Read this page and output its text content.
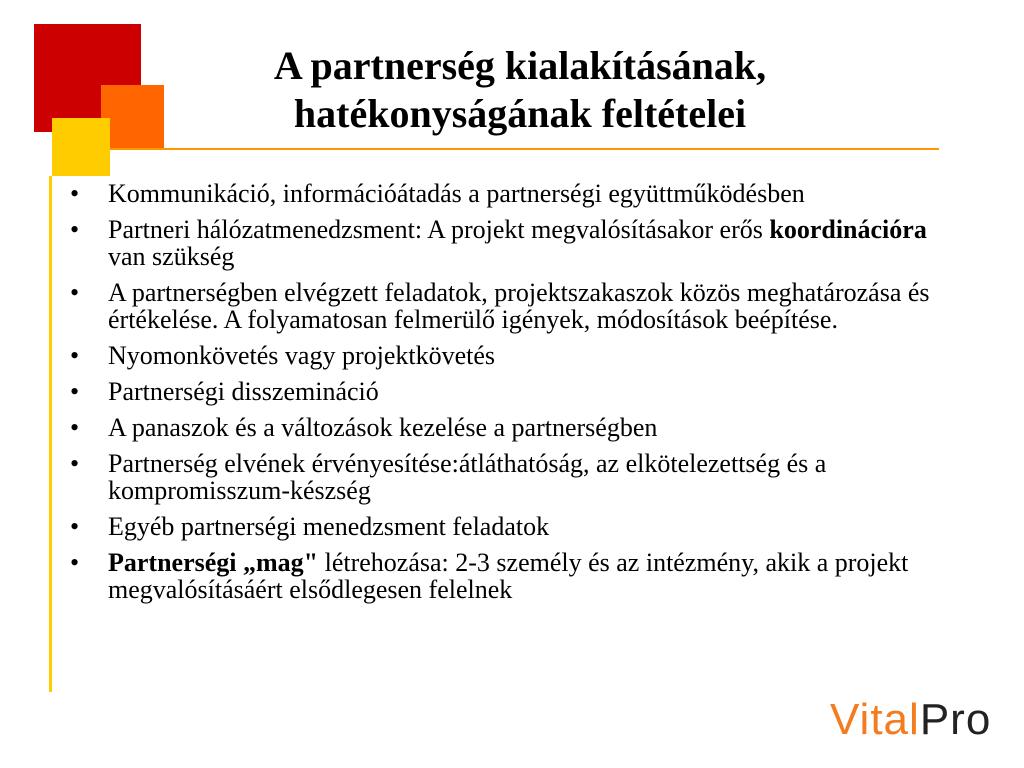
A partnerség kialakításának,
hatékonyságának feltételei
• Kommunikáció, információátadás a partnerségi együttműködésben
• Partneri hálózatmenedzsment: A projekt megvalósításakor erős koordinációra van szükség
• A partnerségben elvégzett feladatok, projektszakaszok közös meghatározása és értékelése. A folyamatosan felmerülő igények, módosítások beépítése.
• Nyomonkövetés vagy projektkövetés
• Partnerségi disszemináció
• A panaszok és a változások kezelése a partnerségben
• Partnerség elvének érvényesítése:átláthatóság, az elkötelezettség és a kompromisszum-készség
• Egyéb partnerségi menedzsment feladatok
• Partnerségi „mag" létrehozása: 2-3 személy és az intézmény, akik a projekt megvalósításáért elsődlegesen felelnek
VitalPro
